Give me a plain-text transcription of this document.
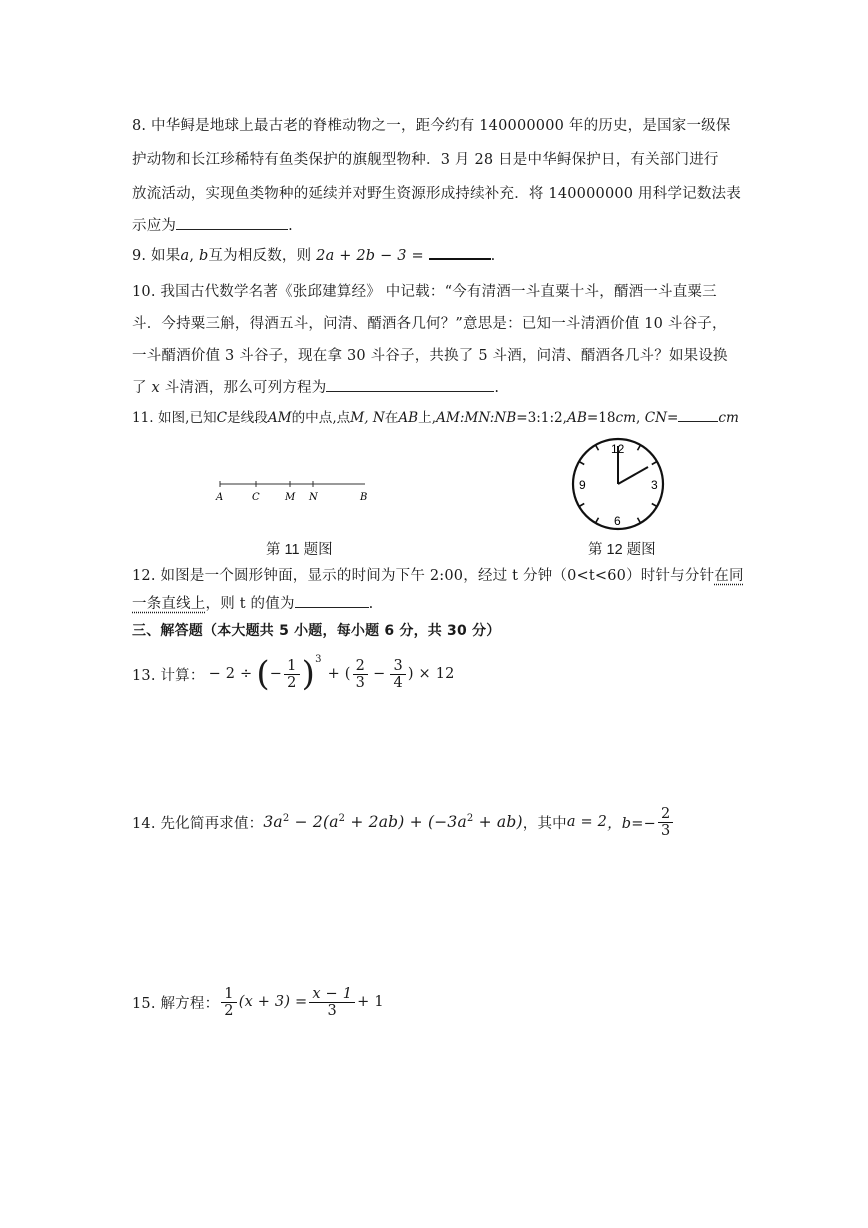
8. 中华鲟是地球上最古老的脊椎动物之一，距今约有 140000000 年的历史，是国家一级保
护动物和长江珍稀特有鱼类保护的旗舰型物种．3 月 28 日是中华鲟保护日，有关部门进行
放流活动，实现鱼类物种的延续并对野生资源形成持续补充．将 140000000 用科学记数法表
示应为	.
9. 如果a, b互为相反数，则 2a + 2b − 3 =	.
10. 我国古代数学名著《张邱建算经》 中记载：“今有清酒一斗直粟十斗，醑酒一斗直粟三
斗．今持粟三斛，得酒五斗，问清、醑酒各几何？”意思是：已知一斗清酒价值 10 斗谷子，
一斗醑酒价值 3 斗谷子，现在拿 30 斗谷子，共换了 5 斗酒，问清、醑酒各几斗？如果设换
了 x 斗清酒，那么可列方程为	.
11. 如图,已知C是线段AM的中点,点M, N在AB上,AM:MN:NB=3:1:2,AB=18cm, CN=	cm
A	C	M N	B
12
3
6
9
第 11 题图	第 12 题图
12. 如图是一个圆形钟面，显示的时间为下午 2:00，经过 t 分钟（0<t<60）时针与分针在同
一条直线上，则 t 的值为	.
三、解答题（本大题共 5 小题，每小题 6 分，共 30 分）
13. 计算： − 2 ÷ ( − $\frac{1}{2}$ ) 3
+ ( $\frac{2}{3} - \frac{3}{4}$ ) × 12
14. 先化简再求值： $3a^2 - 2(a^2 + 2ab) + (-3a^2 + ab)$ ，其中 a = 2 ，$b=- \frac{2}{3}$
15. 解方程： $\frac{1}{2} (x + 3) = \frac{x - 1}{3} + 1$
